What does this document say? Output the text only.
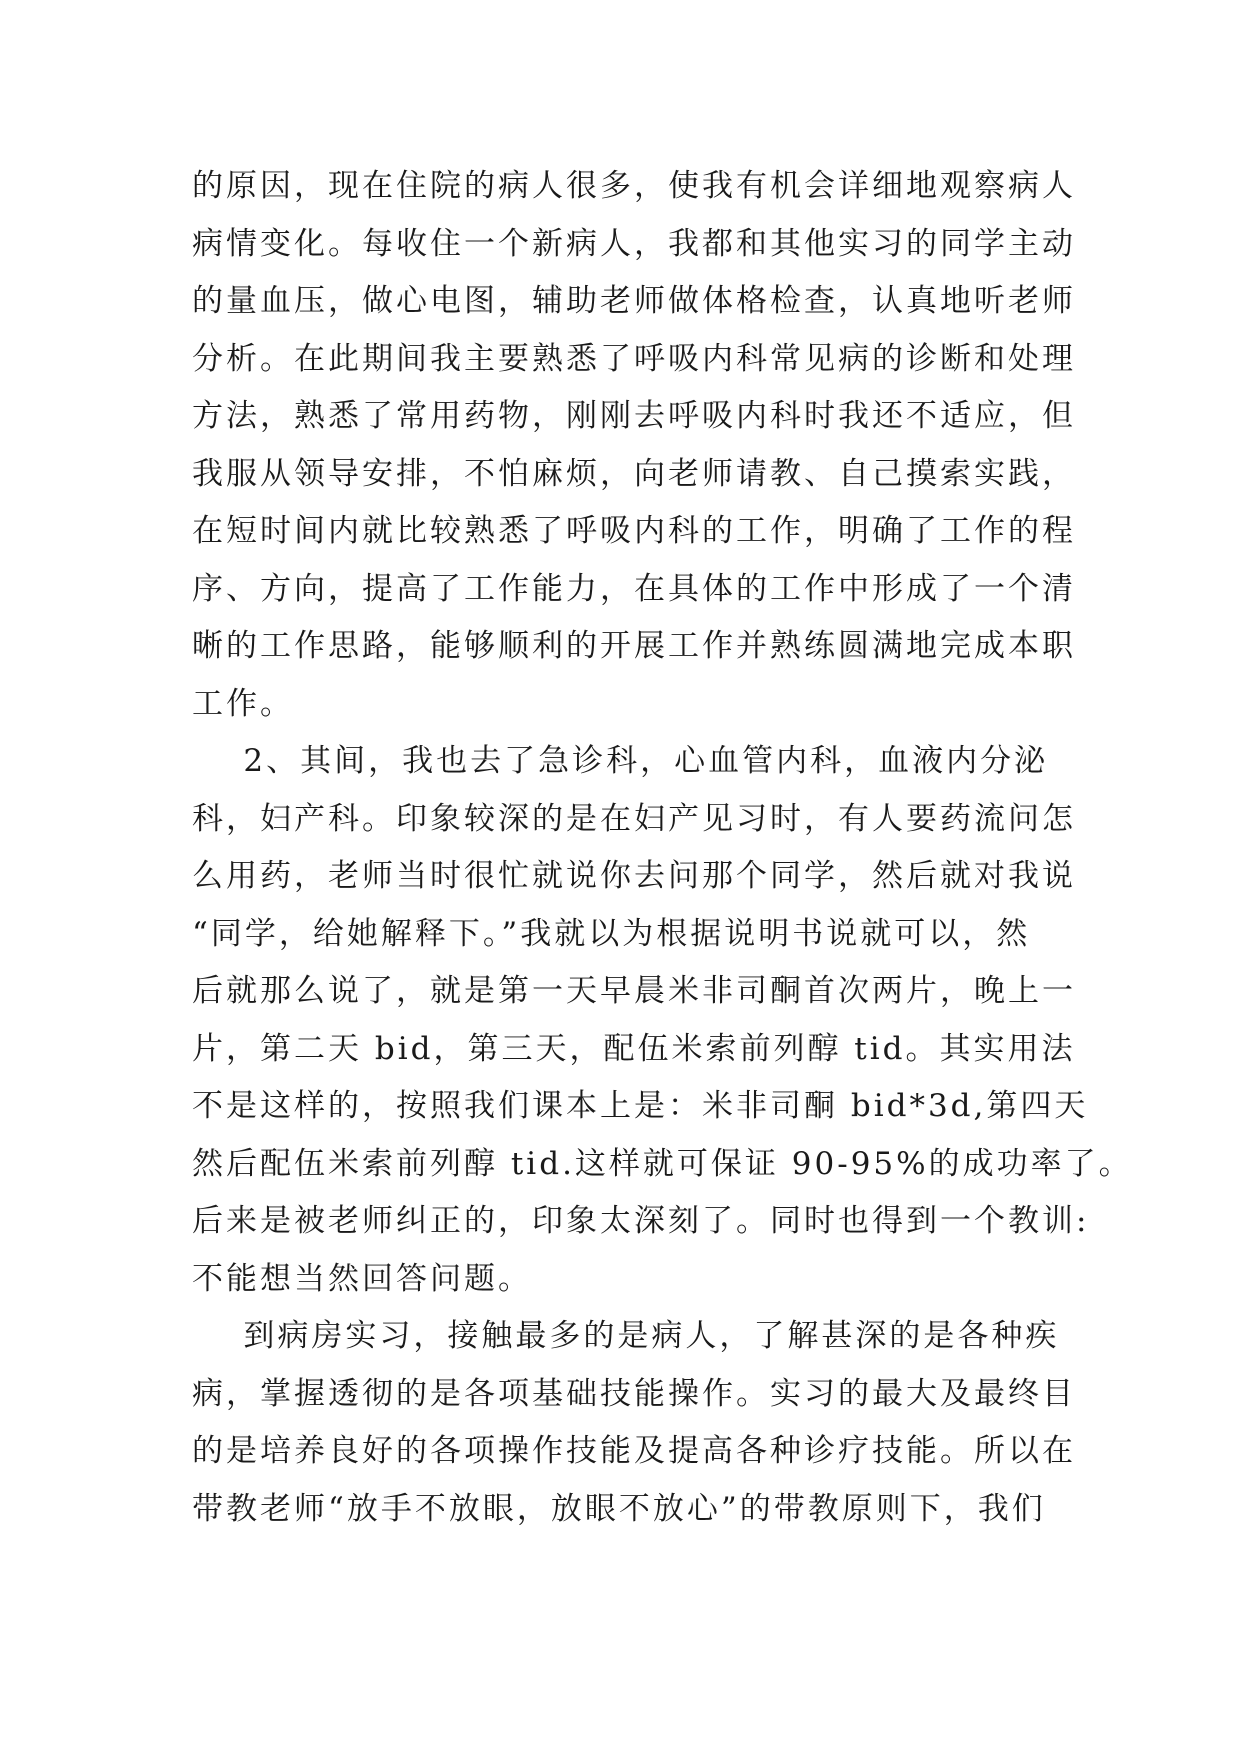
的原因，现在住院的病人很多，使我有机会详细地观察病人
病情变化。每收住一个新病人，我都和其他实习的同学主动
的量血压，做心电图，辅助老师做体格检查，认真地听老师
分析。在此期间我主要熟悉了呼吸内科常见病的诊断和处理
方法，熟悉了常用药物，刚刚去呼吸内科时我还不适应，但
我服从领导安排，不怕麻烦，向老师请教、自己摸索实践，
在短时间内就比较熟悉了呼吸内科的工作，明确了工作的程
序、方向，提高了工作能力，在具体的工作中形成了一个清
晰的工作思路，能够顺利的开展工作并熟练圆满地完成本职
工作。
2、其间，我也去了急诊科，心血管内科，血液内分泌
科，妇产科。印象较深的是在妇产见习时，有人要药流问怎
么用药，老师当时很忙就说你去问那个同学，然后就对我说
“同学，给她解释下。”我就以为根据说明书说就可以，然
后就那么说了，就是第一天早晨米非司酮首次两片，晚上一
片，第二天 bid，第三天，配伍米索前列醇 tid。其实用法
不是这样的，按照我们课本上是：米非司酮 bid*3d,第四天
然后配伍米索前列醇 tid.这样就可保证 90-95%的成功率了。
后来是被老师纠正的，印象太深刻了。同时也得到一个教训:
不能想当然回答问题。
到病房实习，接触最多的是病人，了解甚深的是各种疾
病，掌握透彻的是各项基础技能操作。实习的最大及最终目
的是培养良好的各项操作技能及提高各种诊疗技能。所以在
带教老师“放手不放眼，放眼不放心”的带教原则下，我们
